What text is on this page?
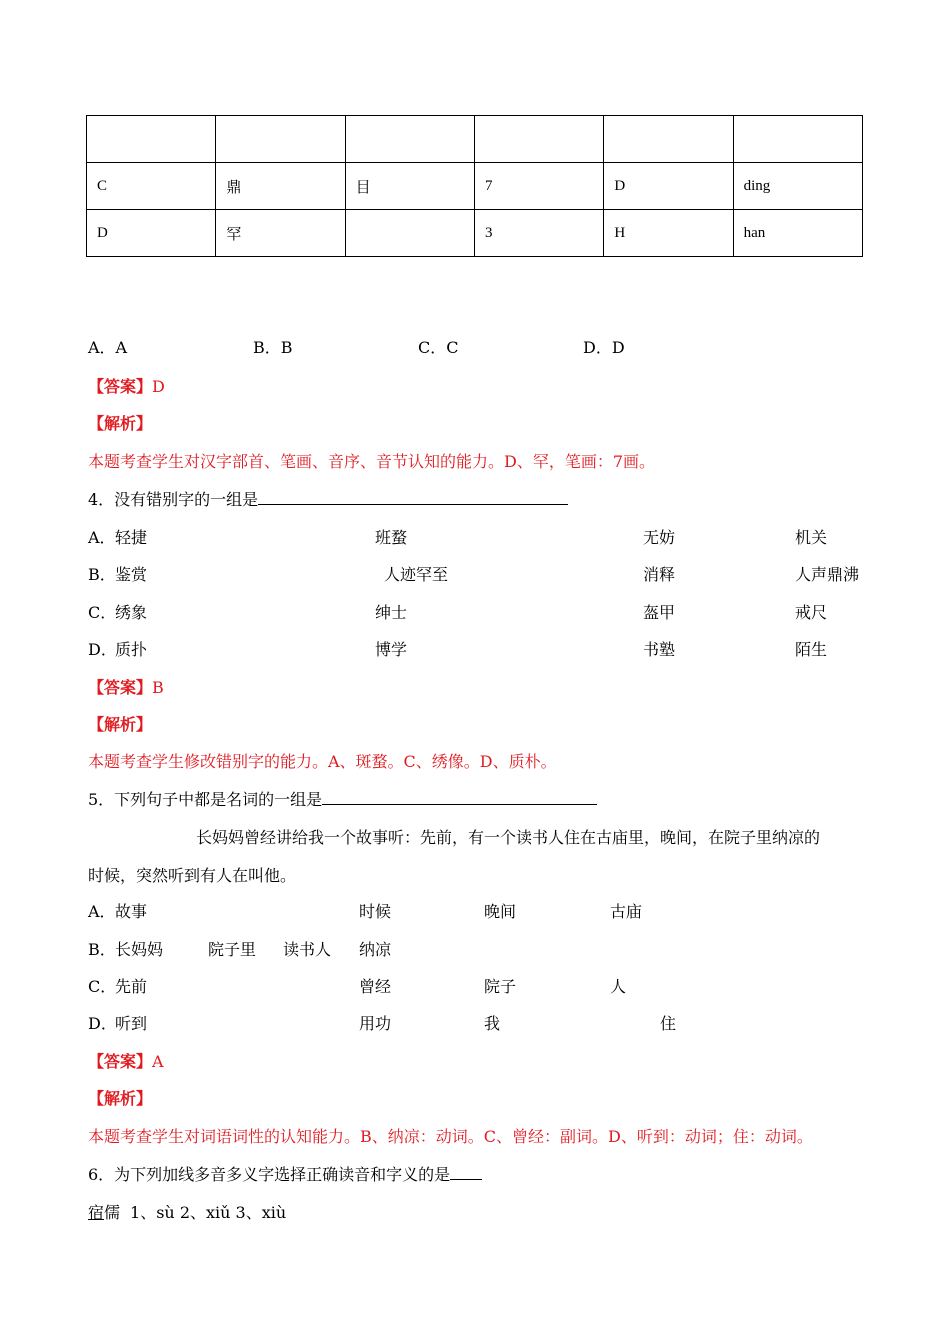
C	鼎	目	7	D	ding
D	罕		3	H	han
A．A	B．B	C．C	D．D
【答案】D
【解析】
本题考查学生对汉字部首、笔画、音序、音节认知的能力。D、罕，笔画：7画。
4．没有错别字的一组是
A． 轻捷	班蝥	无妨	机关
B． 鉴赏	人迹罕至	消释	人声鼎沸
C．
绣象	绅士	盔甲	戒尺
D．
质扑	博学	书塾	陌生
【答案】B
【解析】
本题考查学生修改错别字的能力。A、斑蝥。C、绣像。D、质朴。
5．下列句子中都是名词的一组是
长妈妈曾经讲给我一个故事听：先前，有一个读书人住在古庙里，晚间，在院子里纳凉的
时候，突然听到有人在叫他。
A． 故事	时候	晚间	古庙
B． 长妈妈	院子里 读书人 纳凉
C．
先前	曾经	院子	人
D．
听到	用功	我	住
【答案】A
【解析】
本题考查学生对词语词性的认知能力。B、纳凉：动词。C、曾经：副词。D、听到：动词；住：动词。
6．为下列加线多音多义字选择正确读音和字义的是
宿儒 1、sù 2、xiǔ 3、xiù
